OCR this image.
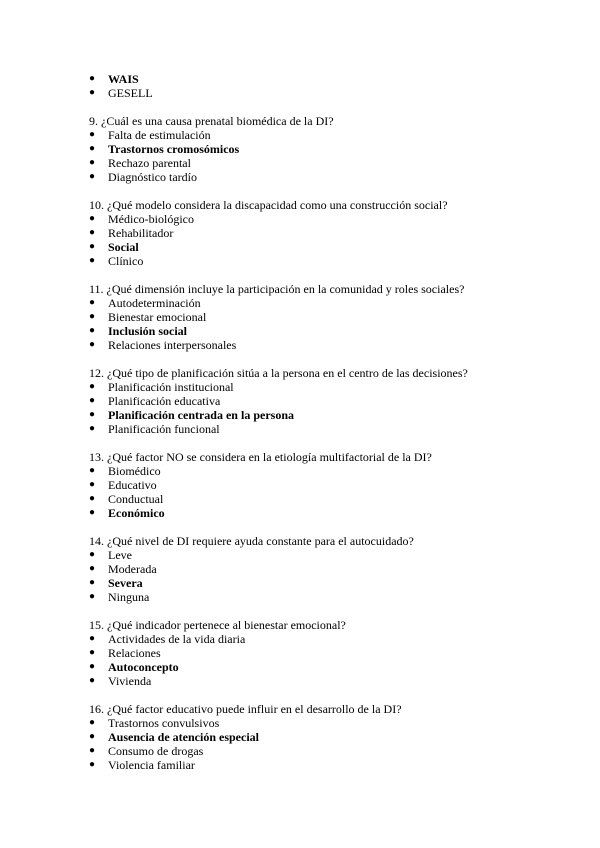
● WAIS
● GESELL
9. ¿Cuál es una causa prenatal biomédica de la DI?
● Falta de estimulación
● Trastornos cromosómicos
● Rechazo parental
● Diagnóstico tardío
10. ¿Qué modelo considera la discapacidad como una construcción social?
● Médico-biológico
● Rehabilitador
● Social
● Clínico
11. ¿Qué dimensión incluye la participación en la comunidad y roles sociales?
● Autodeterminación
● Bienestar emocional
● Inclusión social
● Relaciones interpersonales
12. ¿Qué tipo de planificación sitúa a la persona en el centro de las decisiones?
● Planificación institucional
● Planificación educativa
● Planificación centrada en la persona
● Planificación funcional
13. ¿Qué factor NO se considera en la etiología multifactorial de la DI?
● Biomédico
● Educativo
● Conductual
● Económico
14. ¿Qué nivel de DI requiere ayuda constante para el autocuidado?
● Leve
● Moderada
● Severa
● Ninguna
15. ¿Qué indicador pertenece al bienestar emocional?
● Actividades de la vida diaria
● Relaciones
● Autoconcepto
● Vivienda
16. ¿Qué factor educativo puede influir en el desarrollo de la DI?
● Trastornos convulsivos
● Ausencia de atención especial
● Consumo de drogas
● Violencia familiar
